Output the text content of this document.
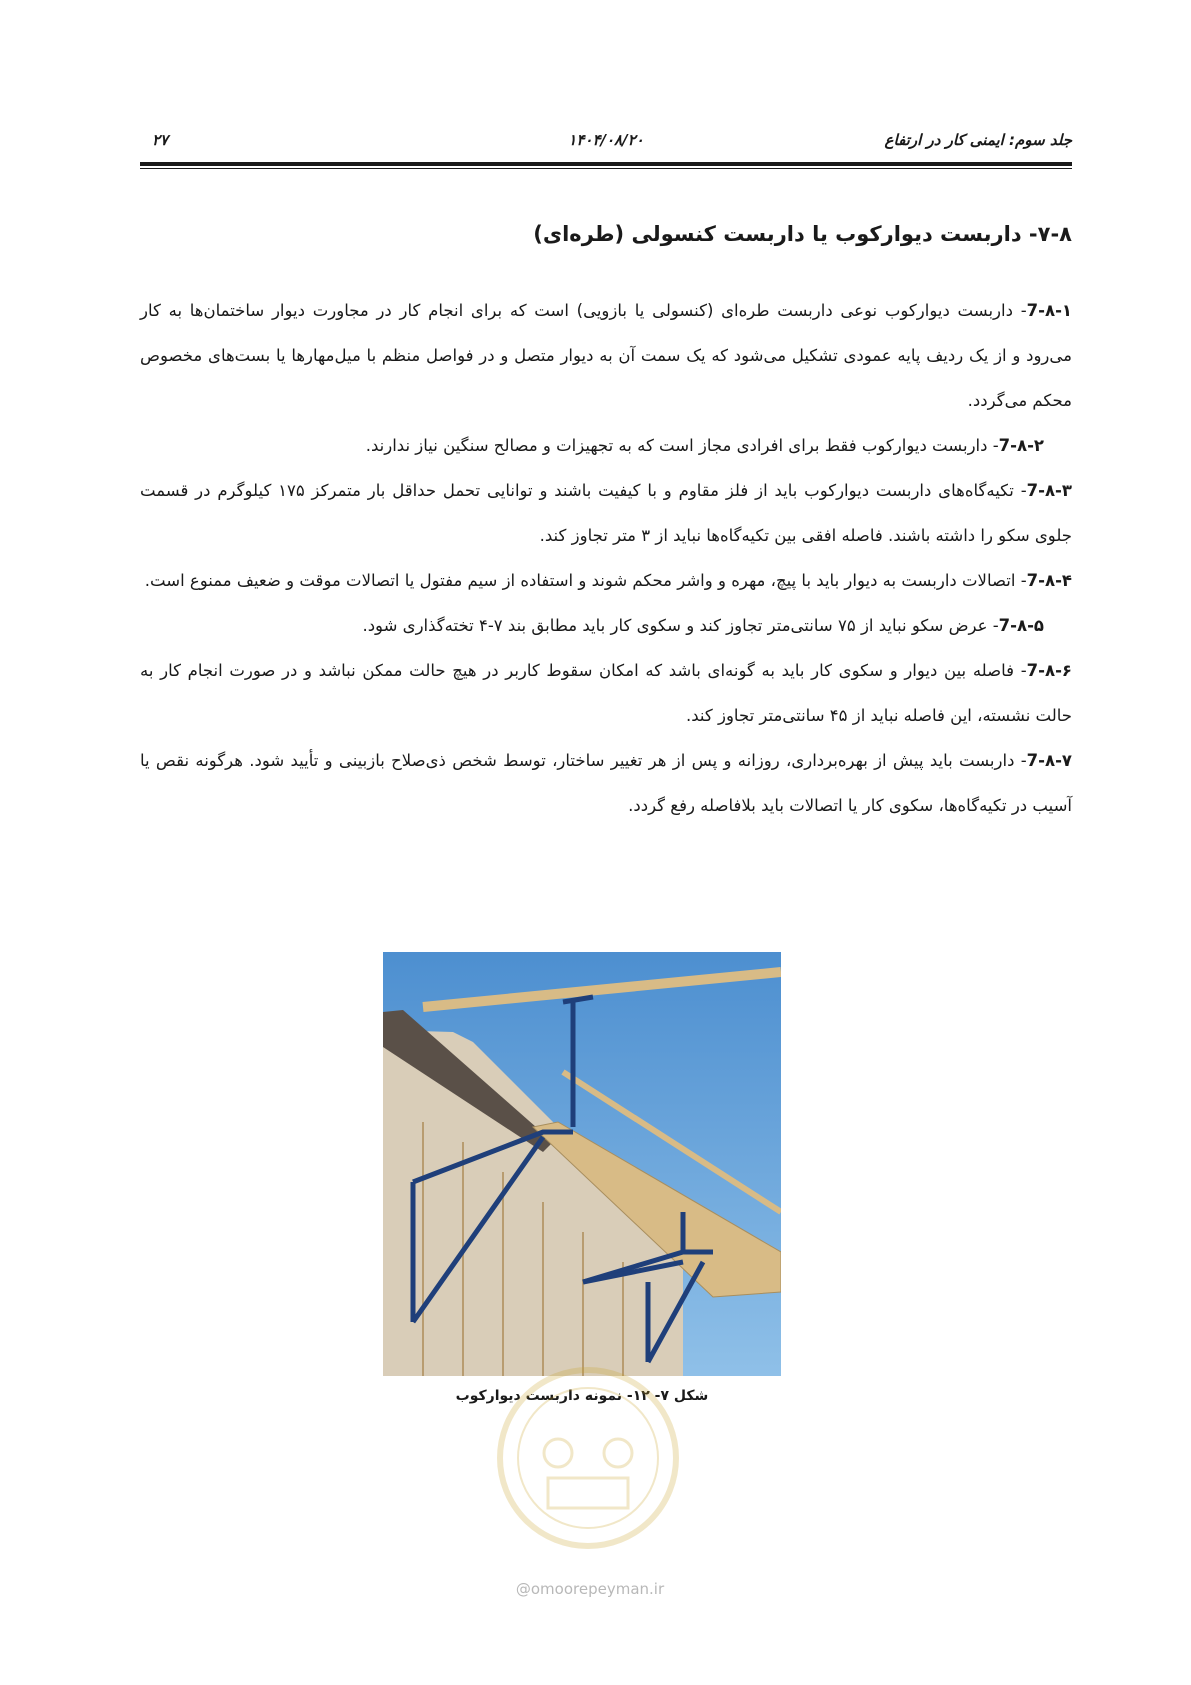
جلد سوم: ایمنی کار در ارتفاع
۱۴۰۴/۰۸/۲۰
۲۷
۷-۸- داربست دیوارکوب یا داربست کنسولی (طره‌ای)

7-۸-۱- داربست دیوارکوب نوعی داربست طره‌ای (کنسولی یا بازویی) است که برای انجام کار در مجاورت دیوار ساختمان‌ها به کار می‌رود و از یک ردیف پایه عمودی تشکیل می‌شود که یک سمت آن به دیوار متصل و در فواصل منظم با میل‌مهارها یا بست‌های مخصوص محکم می‌گردد.

7-۸-۲- داربست دیوارکوب فقط برای افرادی مجاز است که به تجهیزات و مصالح سنگین نیاز ندارند.

7-۸-۳- تکیه‌گاه‌های داربست دیوارکوب باید از فلز مقاوم و با کیفیت باشند و توانایی تحمل حداقل بار متمرکز ۱۷۵ کیلوگرم در قسمت جلوی سکو را داشته باشند. فاصله افقی بین تکیه‌گاه‌ها نباید از ۳ متر تجاوز کند.

7-۸-۴- اتصالات داربست به دیوار باید با پیچ، مهره و واشر محکم شوند و استفاده از سیم مفتول یا اتصالات موقت و ضعیف ممنوع است.

7-۸-۵- عرض سکو نباید از ۷۵ سانتی‌متر تجاوز کند و سکوی کار باید مطابق بند ۷-۴ تخته‌گذاری شود.

7-۸-۶- فاصله بین دیوار و سکوی کار باید به گونه‌ای باشد که امکان سقوط کاربر در هیچ حالت ممکن نباشد و در صورت انجام کار به حالت نشسته، این فاصله نباید از ۴۵ سانتی‌متر تجاوز کند.

7-۸-۷- داربست باید پیش از بهره‌برداری، روزانه و پس از هر تغییر ساختار، توسط شخص ذی‌صلاح بازبینی و تأیید شود. هرگونه نقص یا آسیب در تکیه‌گاه‌ها، سکوی کار یا اتصالات باید بلافاصله رفع گردد.

شکل ۷- ۱۲- نمونه داربست دیوارکوب
@omoorepeyman.ir
